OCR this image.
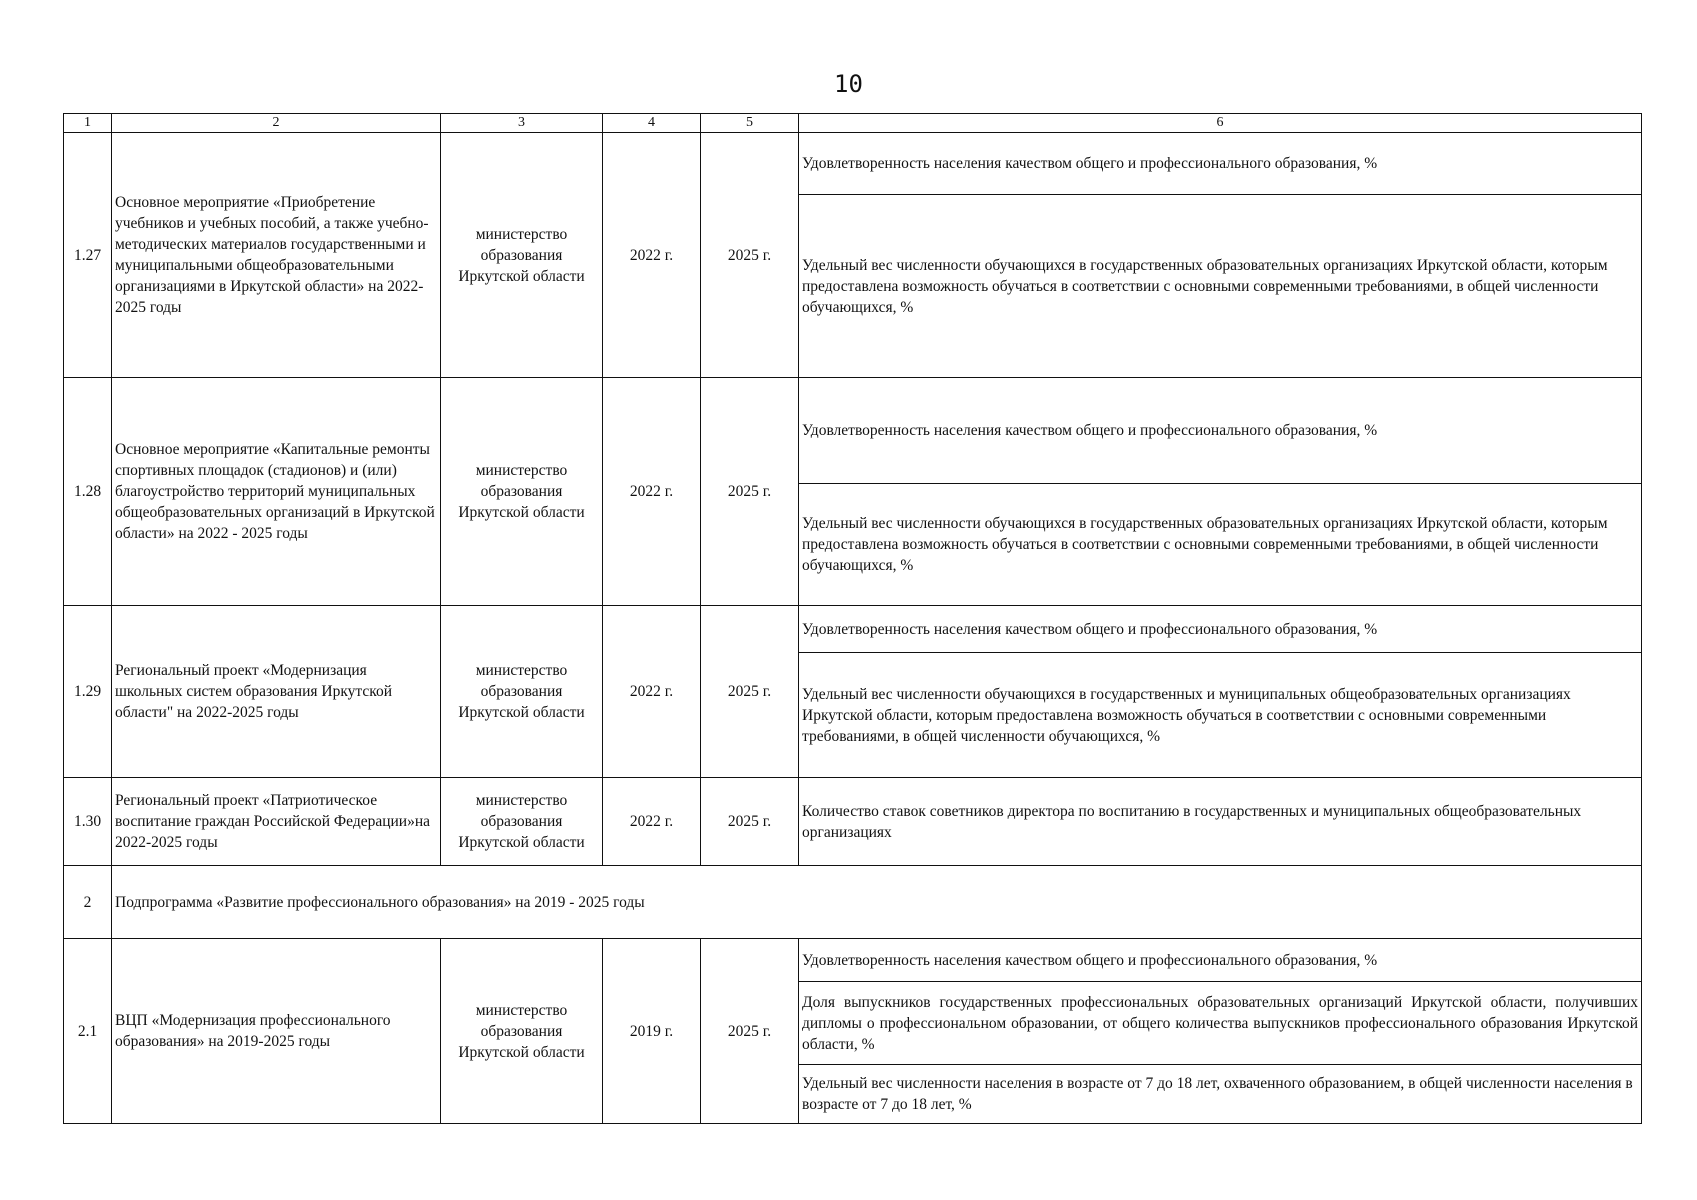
10
1	2	3	4	5	6
1.27	Основное мероприятие «Приобретение учебников и учебных пособий, а также учебно-методических материалов государственными и муниципальными общеобразовательными организациями в Иркутской области» на 2022-2025 годы	министерство образования Иркутской области	2022 г.	2025 г.	Удовлетворенность населения качеством общего и профессионального образования, %
					Удельный вес численности обучающихся в государственных образовательных организациях Иркутской области, которым предоставлена возможность обучаться в соответствии с основными современными требованиями, в общей численности обучающихся, %
1.28	Основное мероприятие «Капитальные ремонты спортивных площадок (стадионов) и (или) благоустройство территорий муниципальных общеобразовательных организаций в Иркутской области» на 2022 - 2025 годы	министерство образования Иркутской области	2022 г.	2025 г.	Удовлетворенность населения качеством общего и профессионального образования, %
					Удельный вес численности обучающихся в государственных образовательных организациях Иркутской области, которым предоставлена возможность обучаться в соответствии с основными современными требованиями, в общей численности обучающихся, %
1.29	Региональный проект «Модернизация школьных систем образования Иркутской области" на 2022-2025 годы	министерство образования Иркутской области	2022 г.	2025 г.	Удовлетворенность населения качеством общего и профессионального образования, %
					Удельный вес численности обучающихся в государственных и муниципальных общеобразовательных организациях Иркутской области, которым предоставлена возможность обучаться в соответствии с основными современными требованиями, в общей численности обучающихся, %
1.30	Региональный проект «Патриотическое воспитание граждан Российской Федерации»на 2022-2025 годы	министерство образования Иркутской области	2022 г.	2025 г.	Количество ставок советников директора по воспитанию в государственных и муниципальных общеобразовательных организациях
2	Подпрограмма «Развитие профессионального образования» на 2019 - 2025 годы				
2.1	ВЦП «Модернизация профессионального образования» на 2019-2025 годы	министерство образования Иркутской области	2019 г.	2025 г.	Удовлетворенность населения качеством общего и профессионального образования, %
					Доля выпускников государственных профессиональных образовательных организаций Иркутской области, получивших дипломы о профессиональном образовании, от общего количества выпускников профессионального образования Иркутской области, %
					Удельный вес численности населения в возрасте от 7 до 18 лет, охваченного образованием, в общей численности населения в возрасте от 7 до 18 лет, %
